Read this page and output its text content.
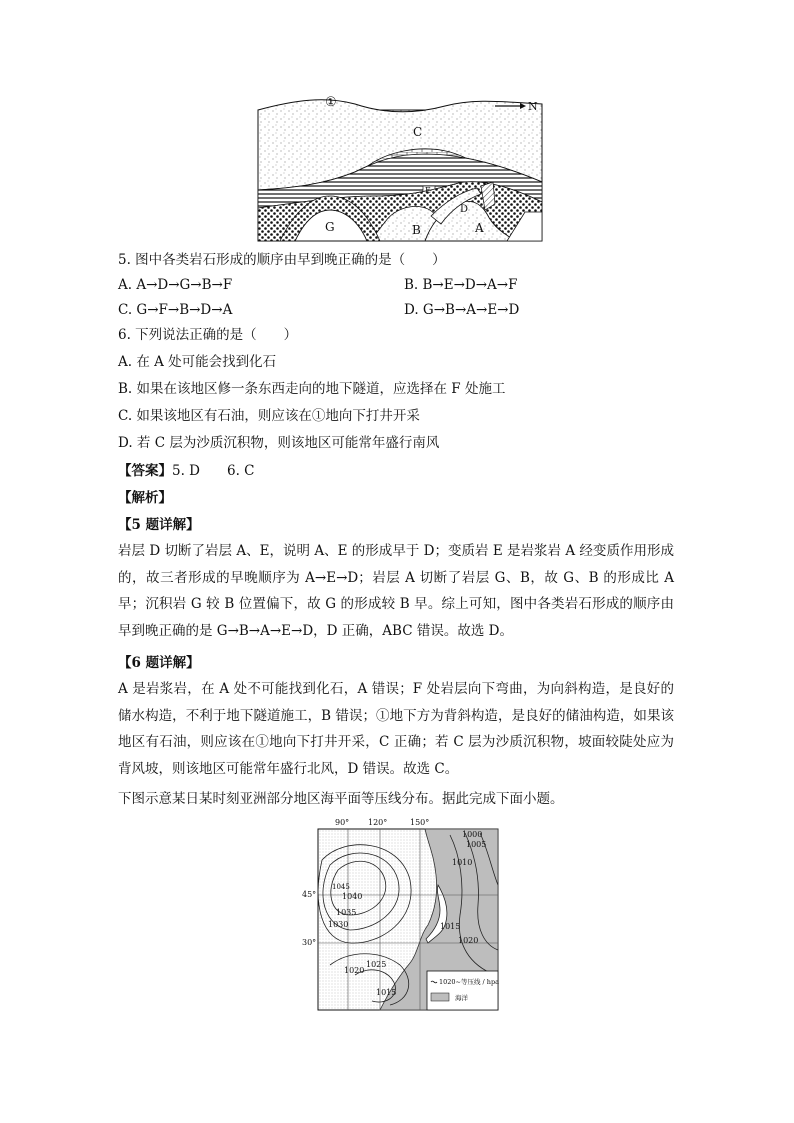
①	N
C
E
D
A
G	B
5. 图中各类岩石形成的顺序由早到晚正确的是（　　）
A. A→D→G→B→F	B. B→E→D→A→F
C. G→F→B→D→A	D. G→B→A→E→D
6. 下列说法正确的是（　　）
A. 在 A 处可能会找到化石
B. 如果在该地区修一条东西走向的地下隧道，应选择在 F 处施工
C. 如果该地区有石油，则应该在①地向下打井开采
D. 若 C 层为沙质沉积物，则该地区可能常年盛行南风
【答案】5. D　　6. C
【解析】
【5 题详解】
岩层 D 切断了岩层 A、E，说明 A、E 的形成早于 D；变质岩 E 是岩浆岩 A 经变质作用形成的，故三者形成的早晚顺序为 A→E→D；岩层 A 切断了岩层 G、B，故 G、B 的形成比 A 早；沉积岩 G 较 B 位置偏下，故 G 的形成较 B 早。综上可知，图中各类岩石形成的顺序由早到晚正确的是 G→B→A→E→D，D 正确，ABC 错误。故选 D。
【6 题详解】
A 是岩浆岩，在 A 处不可能找到化石，A 错误；F 处岩层向下弯曲，为向斜构造，是良好的储水构造，不利于地下隧道施工，B 错误；①地下方为背斜构造，是良好的储油构造，如果该地区有石油，则应该在①地向下打井开采，C 正确；若 C 层为沙质沉积物，坡面较陡处应为背风坡，则该地区可能常年盛行北风，D 错误。故选 C。
下图示意某日某时刻亚洲部分地区海平面等压线分布。据此完成下面小题。
1020~等压线 / hpa
海洋
90° 120°	150°
45°
30°
1000
1005
1010
1045
1040
1035
1030
1025
1020
1015
1015
1020
